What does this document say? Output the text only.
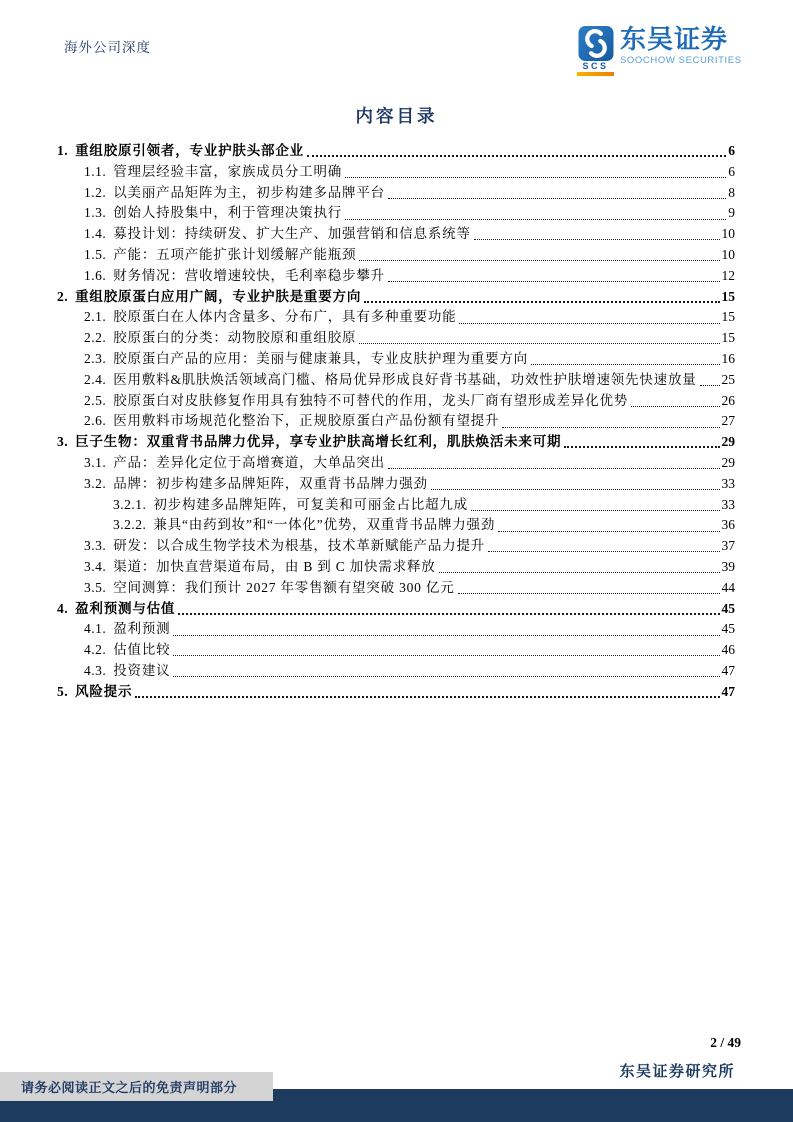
海外公司深度
SCS
东吴证券
SOOCHOW SECURITIES
内容目录
1. 重组胶原引领者，专业护肤头部企业	6
1.1. 管理层经验丰富，家族成员分工明确	6
1.2. 以美丽产品矩阵为主，初步构建多品牌平台	8
1.3. 创始人持股集中，利于管理决策执行	9
1.4. 募投计划：持续研发、扩大生产、加强营销和信息系统等	10
1.5. 产能：五项产能扩张计划缓解产能瓶颈	10
1.6. 财务情况：营收增速较快，毛利率稳步攀升	12
2. 重组胶原蛋白应用广阔，专业护肤是重要方向	15
2.1. 胶原蛋白在人体内含量多、分布广，具有多种重要功能	15
2.2. 胶原蛋白的分类：动物胶原和重组胶原	15
2.3. 胶原蛋白产品的应用：美丽与健康兼具，专业皮肤护理为重要方向	16
2.4. 医用敷料&肌肤焕活领域高门槛、格局优异形成良好背书基础，功效性护肤增速领先快速放量 25
2.5. 胶原蛋白对皮肤修复作用具有独特不可替代的作用，龙头厂商有望形成差异化优势	26
2.6. 医用敷料市场规范化整治下，正规胶原蛋白产品份额有望提升	27
3. 巨子生物：双重背书品牌力优异，享专业护肤高增长红利，肌肤焕活未来可期	29
3.1. 产品：差异化定位于高增赛道，大单品突出	29
3.2. 品牌：初步构建多品牌矩阵，双重背书品牌力强劲	33
3.2.1. 初步构建多品牌矩阵，可复美和可丽金占比超九成	33
3.2.2. 兼具“由药到妆”和“一体化”优势，双重背书品牌力强劲	36
3.3. 研发：以合成生物学技术为根基，技术革新赋能产品力提升	37
3.4. 渠道：加快直营渠道布局，由 B 到 C 加快需求释放	39
3.5. 空间测算：我们预计 2027 年零售额有望突破 300 亿元	44
4. 盈利预测与估值	45
4.1. 盈利预测	45
4.2. 估值比较	46
4.3. 投资建议	47
5. 风险提示	47
2 / 49
东吴证券研究所
请务必阅读正文之后的免责声明部分
